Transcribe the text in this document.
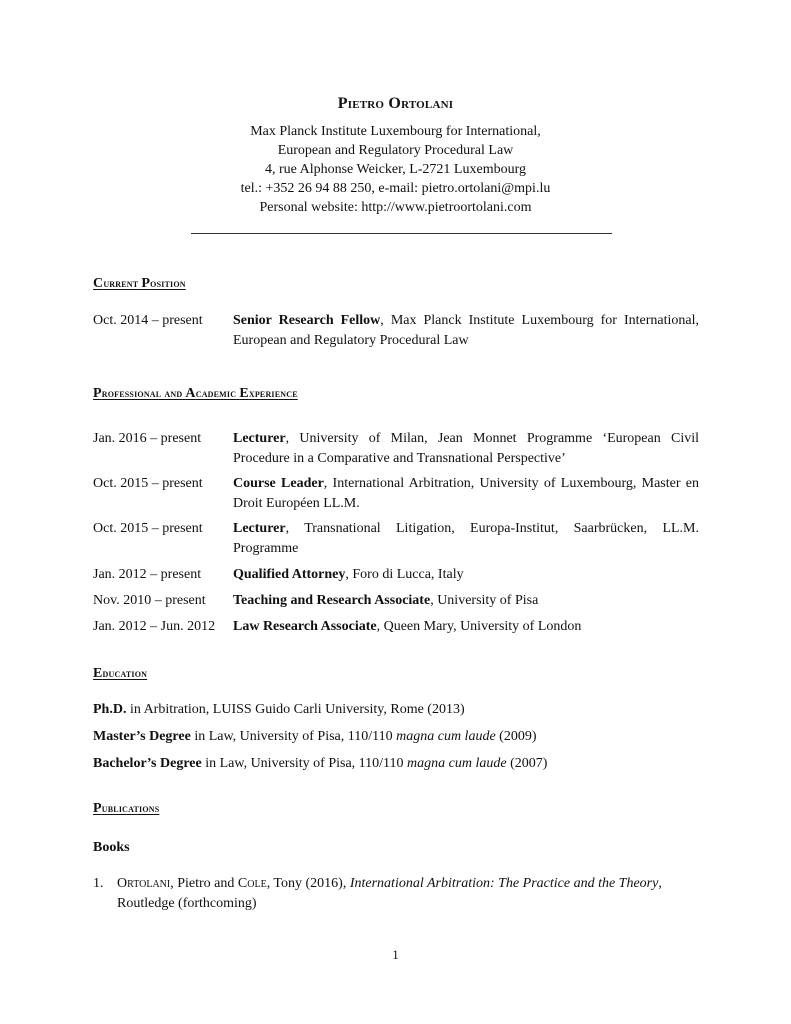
Pietro Ortolani
Max Planck Institute Luxembourg for International,
European and Regulatory Procedural Law
4, rue Alphonse Weicker, L-2721 Luxembourg
tel.: +352 26 94 88 250, e-mail: pietro.ortolani@mpi.lu
Personal website: http://www.pietroortolani.com
Current Position
Oct. 2014 – present	Senior Research Fellow, Max Planck Institute Luxembourg for International, European and Regulatory Procedural Law
Professional and Academic Experience
Jan. 2016 – present	Lecturer, University of Milan, Jean Monnet Programme ‘European Civil Procedure in a Comparative and Transnational Perspective’
Oct. 2015 – present	Course Leader, International Arbitration, University of Luxembourg, Master en Droit Européen LL.M.
Oct. 2015 – present	Lecturer, Transnational Litigation, Europa-Institut, Saarbrücken, LL.M. Programme
Jan. 2012 – present	Qualified Attorney, Foro di Lucca, Italy
Nov. 2010 – present	Teaching and Research Associate, University of Pisa
Jan. 2012 – Jun. 2012	Law Research Associate, Queen Mary, University of London
Education
Ph.D. in Arbitration, LUISS Guido Carli University, Rome (2013)
Master’s Degree in Law, University of Pisa, 110/110 magna cum laude (2009)
Bachelor’s Degree in Law, University of Pisa, 110/110 magna cum laude (2007)
Publications
Books
1. Ortolani, Pietro and Cole, Tony (2016), International Arbitration: The Practice and the Theory, Routledge (forthcoming)
1
